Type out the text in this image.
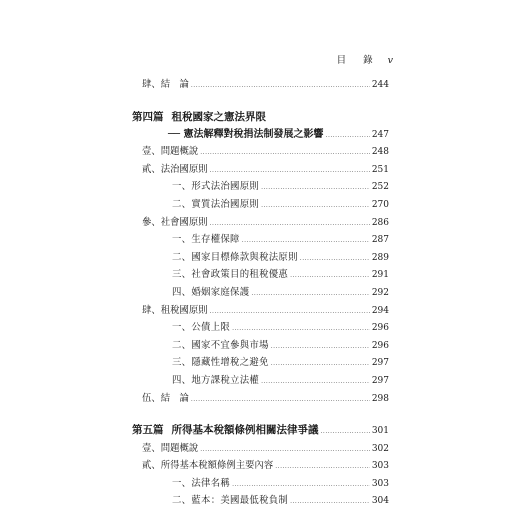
目 錄 v
肆、結　論 .....	244
第四篇 租稅國家之憲法界限
── 憲法解釋對稅捐法制發展之影響 .....	247
壹、問題概說 .....	248
貳、法治國原則 .....	251
一、形式法治國原則 .....	252
二、實質法治國原則 .....	270
參、社會國原則 .....	286
一、生存權保障 .....	287
二、國家目標條款與稅法原則 .....	289
三、社會政策目的租稅優惠 .....	291
四、婚姻家庭保護 .....	292
肆、租稅國原則 .....	294
一、公債上限 .....	296
二、國家不宜參與市場 .....	296
三、隱藏性增稅之避免 .....	297
四、地方課稅立法權 .....	297
伍、結　論 .....	298
第五篇 所得基本稅額條例相關法律爭議 .....	301
壹、問題概說 .....	302
貳、所得基本稅額條例主要內容 .....	303
一、法律名稱 .....	303
二、藍本：美國最低稅負制 .....	304
